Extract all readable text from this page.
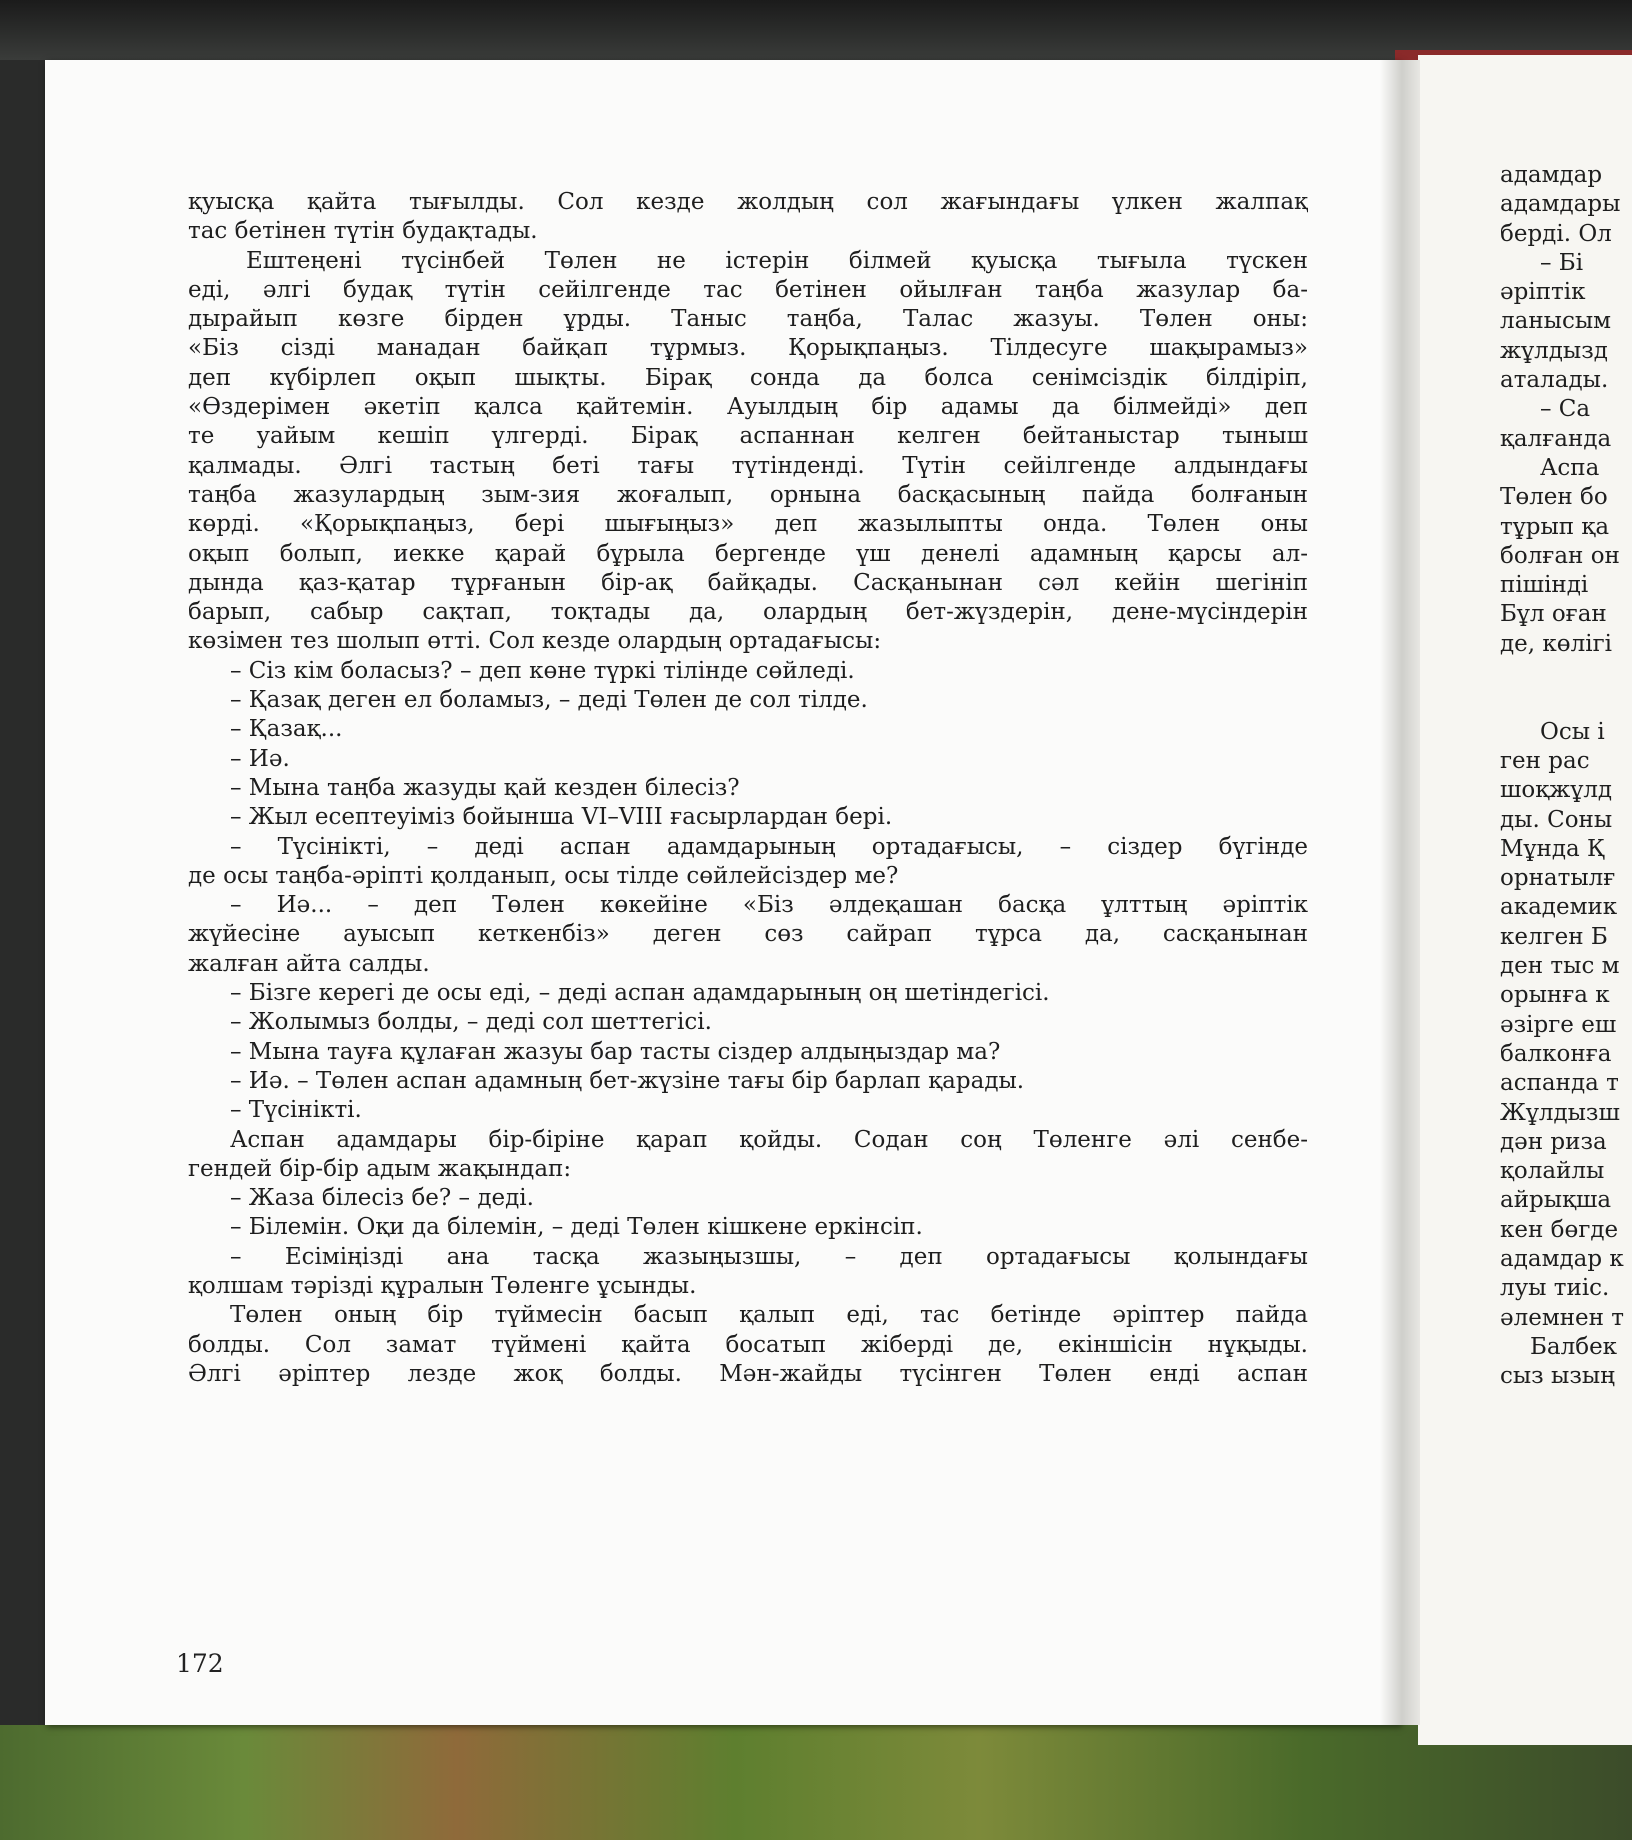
адамдар
адамдары
берді. Ол
– Бі
әріптік
ланысым
жұлдызд
аталады.
– Са
қалғанда
Аспа
Төлен бо
тұрып қа
болған он
пішінді
Бұл оған
де, көлігі
Осы і
ген рас
шоқжұлд
ды. Соны
Мұнда Қ
орнатылғ
академик
келген Б
ден тыс м
орынға к
әзірге еш
балконға
аспанда т
Жұлдызш
дән риза
қолайлы
айрықша
кен бөгде
адамдар к
луы тиіс.
әлемнен т
Балбек
сыз ызың
қуысқа қайта тығылды. Сол кезде жолдың сол жағындағы үлкен жалпақ
тас бетінен түтін будақтады.
Ештеңені түсінбей Төлен не істерін білмей қуысқа тығыла түскен
еді, әлгі будақ түтін сейілгенде тас бетінен ойылған таңба жазулар ба-
дырайып көзге бірден ұрды. Таныс таңба, Талас жазуы. Төлен оны:
«Біз сізді манадан байқап тұрмыз. Қорықпаңыз. Тілдесуге шақырамыз»
деп күбірлеп оқып шықты. Бірақ сонда да болса сенімсіздік білдіріп,
«Өздерімен әкетіп қалса қайтемін. Ауылдың бір адамы да білмейді» деп
те уайым кешіп үлгерді. Бірақ аспаннан келген бейтаныстар тыныш
қалмады. Әлгі тастың беті тағы түтінденді. Түтін сейілгенде алдындағы
таңба жазулардың зым-зия жоғалып, орнына басқасының пайда болғанын
көрді. «Қорықпаңыз, бері шығыңыз» деп жазылыпты онда. Төлен оны
оқып болып, иекке қарай бұрыла бергенде үш денелі адамның қарсы ал-
дында қаз-қатар тұрғанын бір-ақ байқады. Сасқанынан сәл кейін шегініп
барып, сабыр сақтап, тоқтады да, олардың бет-жүздерін, дене-мүсіндерін
көзімен тез шолып өтті. Сол кезде олардың ортадағысы:
– Сіз кім боласыз? – деп көне түркі тілінде сөйледі.
– Қазақ деген ел боламыз, – деді Төлен де сол тілде.
– Қазақ...
– Иә.
– Мына таңба жазуды қай кезден білесіз?
– Жыл есептеуіміз бойынша VI–VIII ғасырлардан бері.
– Түсінікті, – деді аспан адамдарының ортадағысы, – сіздер бүгінде
де осы таңба-әріпті қолданып, осы тілде сөйлейсіздер ме?
– Иә... – деп Төлен көкейіне «Біз әлдеқашан басқа ұлттың әріптік
жүйесіне ауысып кеткенбіз» деген сөз сайрап тұрса да, сасқанынан
жалған айта салды.
– Бізге керегі де осы еді, – деді аспан адамдарының оң шетіндегісі.
– Жолымыз болды, – деді сол шеттегісі.
– Мына тауға құлаған жазуы бар тасты сіздер алдыңыздар ма?
– Иә. – Төлен аспан адамның бет-жүзіне тағы бір барлап қарады.
– Түсінікті.
Аспан адамдары бір-біріне қарап қойды. Содан соң Төленге әлі сенбе-
гендей бір-бір адым жақындап:
– Жаза білесіз бе? – деді.
– Білемін. Оқи да білемін, – деді Төлен кішкене еркінсіп.
– Есіміңізді ана тасқа жазыңызшы, – деп ортадағысы қолындағы
қолшам тәрізді құралын Төленге ұсынды.
Төлен оның бір түймесін басып қалып еді, тас бетінде әріптер пайда
болды. Сол замат түймені қайта босатып жіберді де, екіншісін нұқыды.
Әлгі әріптер лезде жоқ болды. Мән-жайды түсінген Төлен енді аспан
172
